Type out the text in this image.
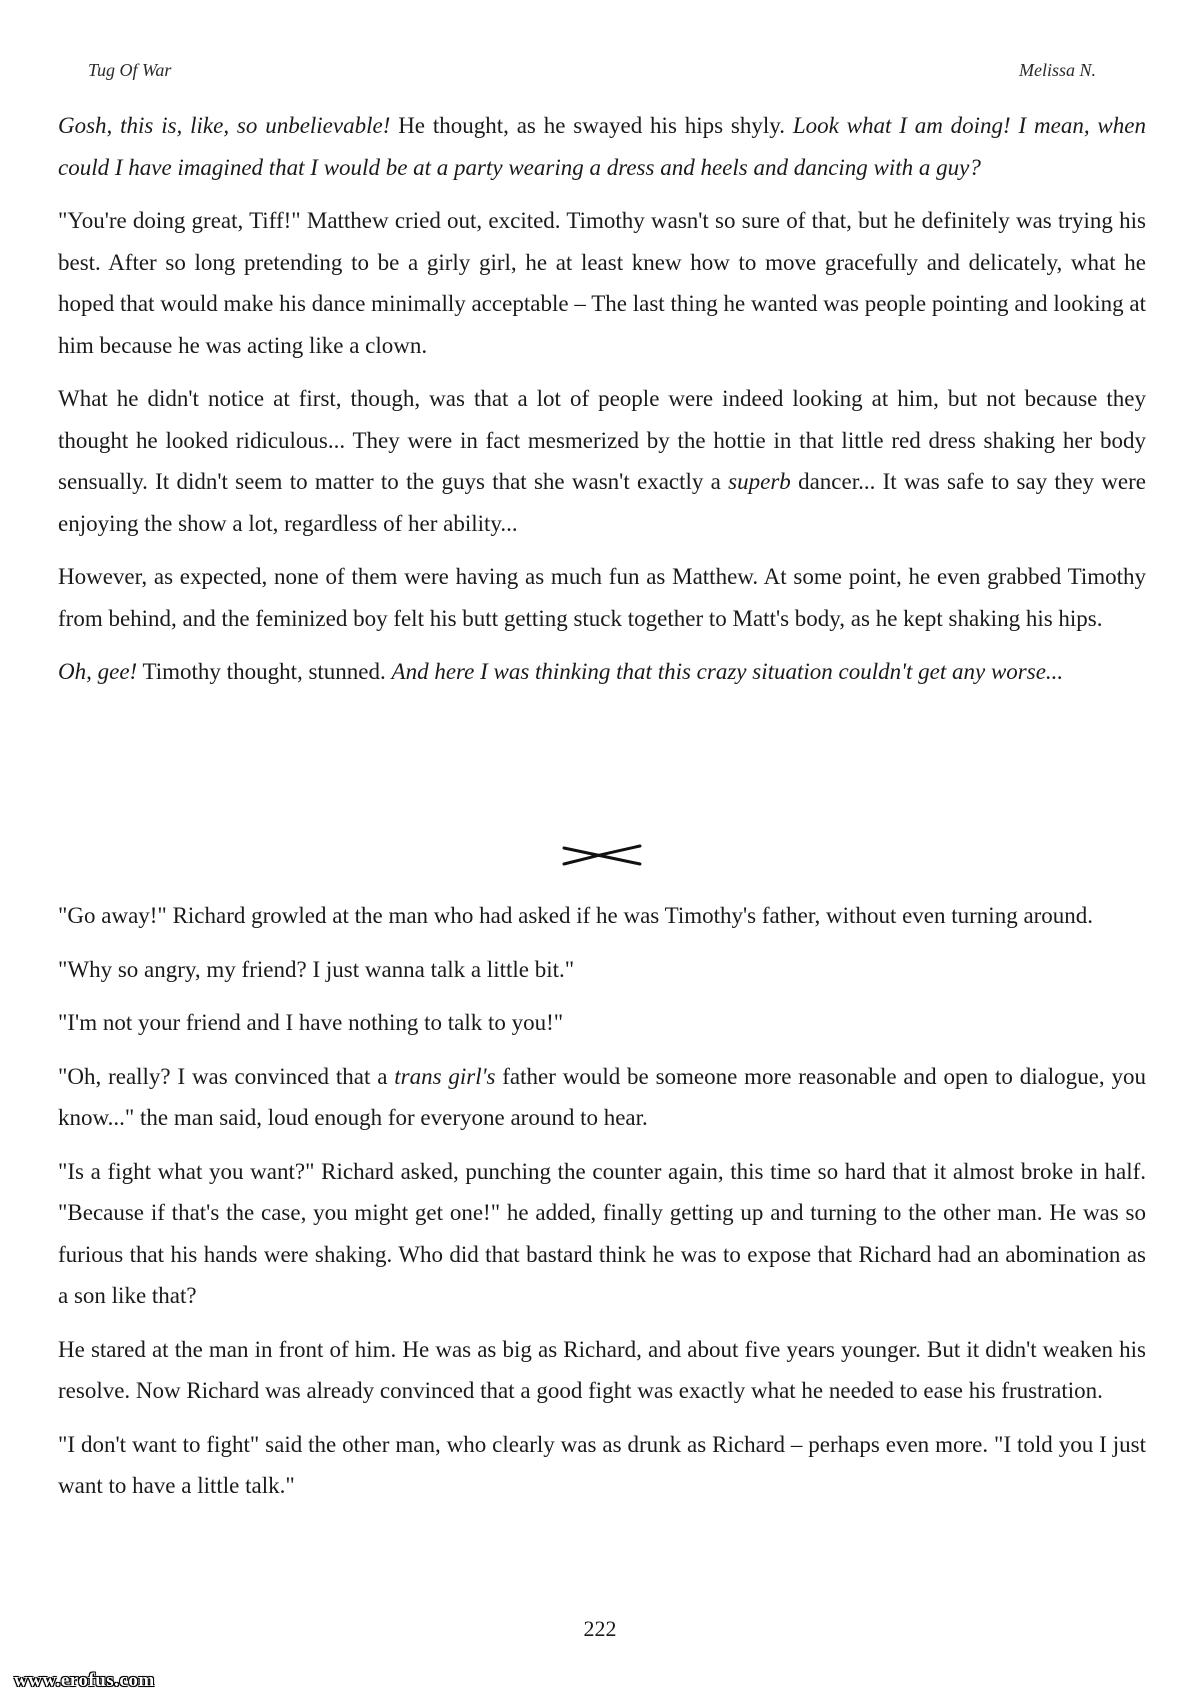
Tug Of War	Melissa N.

Gosh, this is, like, so unbelievable! He thought, as he swayed his hips shyly. Look what I am doing! I mean, when could I have imagined that I would be at a party wearing a dress and heels and dancing with a guy?

"You're doing great, Tiff!" Matthew cried out, excited. Timothy wasn't so sure of that, but he definitely was trying his best. After so long pretending to be a girly girl, he at least knew how to move gracefully and delicately, what he hoped that would make his dance minimally acceptable – The last thing he wanted was people pointing and looking at him because he was acting like a clown.

What he didn't notice at first, though, was that a lot of people were indeed looking at him, but not because they thought he looked ridiculous... They were in fact mesmerized by the hottie in that little red dress shaking her body sensually. It didn't seem to matter to the guys that she wasn't exactly a superb dancer... It was safe to say they were enjoying the show a lot, regardless of her ability...

However, as expected, none of them were having as much fun as Matthew. At some point, he even grabbed Timothy from behind, and the feminized boy felt his butt getting stuck together to Matt's body, as he kept shaking his hips.

Oh, gee! Timothy thought, stunned. And here I was thinking that this crazy situation couldn't get any worse...

"Go away!" Richard growled at the man who had asked if he was Timothy's father, without even turning around.

"Why so angry, my friend? I just wanna talk a little bit."

"I'm not your friend and I have nothing to talk to you!"

"Oh, really? I was convinced that a trans girl's father would be someone more reasonable and open to dialogue, you know..." the man said, loud enough for everyone around to hear.

"Is a fight what you want?" Richard asked, punching the counter again, this time so hard that it almost broke in half. "Because if that's the case, you might get one!" he added, finally getting up and turning to the other man. He was so furious that his hands were shaking. Who did that bastard think he was to expose that Richard had an abomination as a son like that?

He stared at the man in front of him. He was as big as Richard, and about five years younger. But it didn't weaken his resolve. Now Richard was already convinced that a good fight was exactly what he needed to ease his frustration.

"I don't want to fight" said the other man, who clearly was as drunk as Richard – perhaps even more. "I told you I just want to have a little talk."

222
www.erofus.com
